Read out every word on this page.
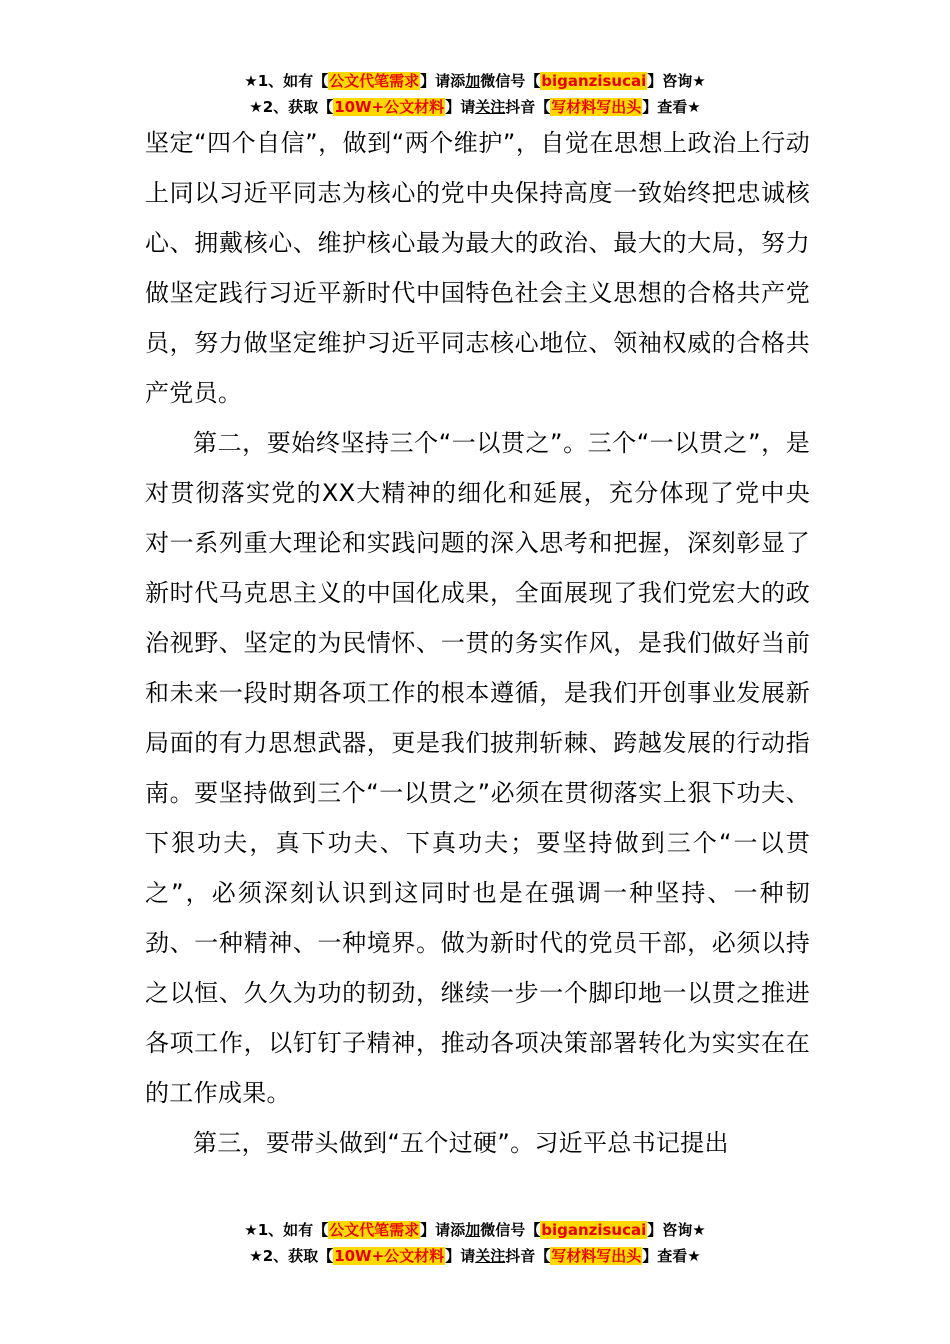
★1、如有【公文代笔需求】请添加微信号【biganzisucai】咨询★
★2、获取【10W+公文材料】请关注抖音【写材料写出头】查看★

坚定“四个自信”，做到“两个维护”，自觉在思想上政治上行动上同以习近平同志为核心的党中央保持高度一致始终把忠诚核心、拥戴核心、维护核心最为最大的政治、最大的大局，努力做坚定践行习近平新时代中国特色社会主义思想的合格共产党员，努力做坚定维护习近平同志核心地位、领袖权威的合格共产党员。

第二，要始终坚持三个“一以贯之”。三个“一以贯之”，是对贯彻落实党的XX大精神的细化和延展，充分体现了党中央对一系列重大理论和实践问题的深入思考和把握，深刻彰显了新时代马克思主义的中国化成果，全面展现了我们党宏大的政治视野、坚定的为民情怀、一贯的务实作风，是我们做好当前和未来一段时期各项工作的根本遵循，是我们开创事业发展新局面的有力思想武器，更是我们披荆斩棘、跨越发展的行动指南。要坚持做到三个“一以贯之”必须在贯彻落实上狠下功夫、下狠功夫，真下功夫、下真功夫；要坚持做到三个“一以贯之”，必须深刻认识到这同时也是在强调一种坚持、一种韧劲、一种精神、一种境界。做为新时代的党员干部，必须以持之以恒、久久为功的韧劲，继续一步一个脚印地一以贯之推进各项工作，以钉钉子精神，推动各项决策部署转化为实实在在的工作成果。

第三，要带头做到“五个过硬”。习近平总书记提出

★1、如有【公文代笔需求】请添加微信号【biganzisucai】咨询★
★2、获取【10W+公文材料】请关注抖音【写材料写出头】查看★
